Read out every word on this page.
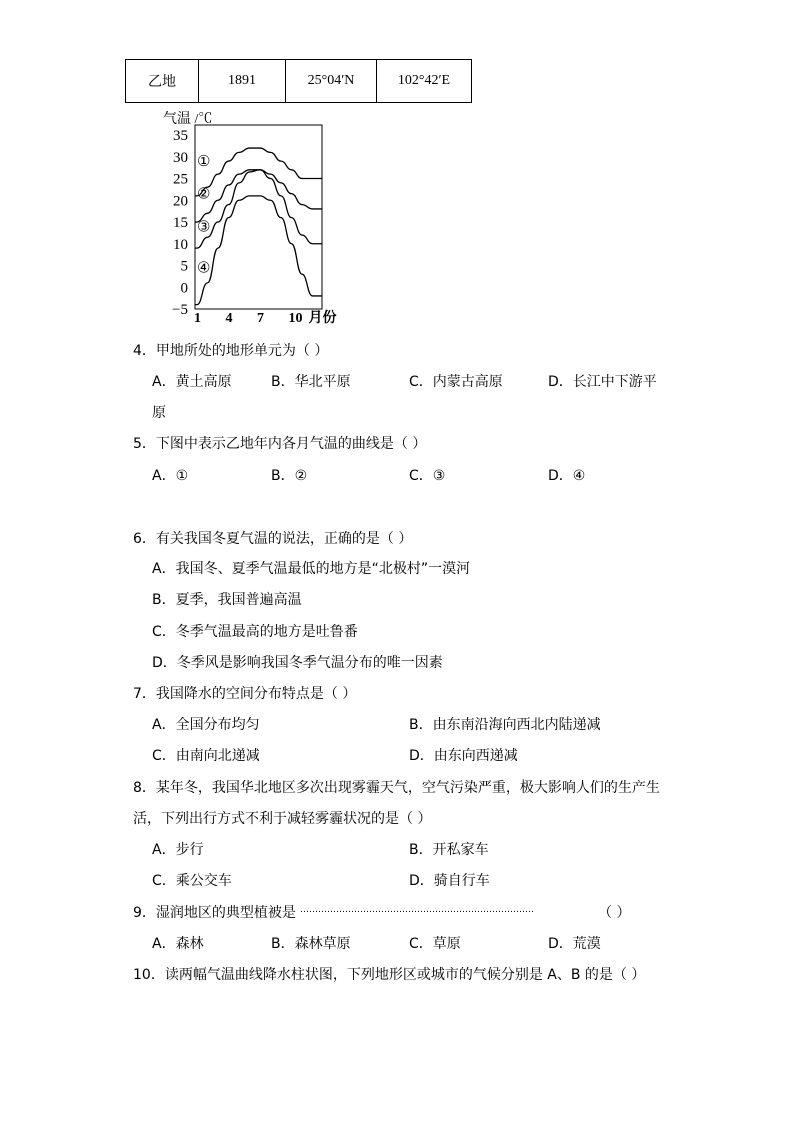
乙地	1891	25°04′N	102°42′E
气温 /℃
35
30
25
20
15
10
5
0
−5
1 4 7 10 月份
①
②
③
④
4．甲地所处的地形单元为（ ）
A．黄土高原	B．华北平原	C．内蒙古高原	D．长江中下游平
原
5．下图中表示乙地年内各月气温的曲线是（ ）
A．①	B．②	C．③	D．④
6．有关我国冬夏气温的说法，正确的是（ ）
A．我国冬、夏季气温最低的地方是“北极村”一漠河
B．夏季，我国普遍高温
C．冬季气温最高的地方是吐鲁番
D．冬季风是影响我国冬季气温分布的唯一因素
7．我国降水的空间分布特点是（ ）
A．全国分布均匀	B．由东南沿海向西北内陆递减
C．由南向北递减	D．由东向西递减
8．某年冬，我国华北地区多次出现雾霾天气，空气污染严重，极大影响人们的生产生
活，下列出行方式不利于减轻雾霾状况的是（ ）
A．步行	B．开私家车
C．乘公交车	D．骑自行车
9．湿润地区的典型植被是 ……………………………………………………………………	（ ）
A．森林	B．森林草原	C．草原	D．荒漠
10．读两幅气温曲线降水柱状图，下列地形区或城市的气候分别是 A、B 的是（ ）
